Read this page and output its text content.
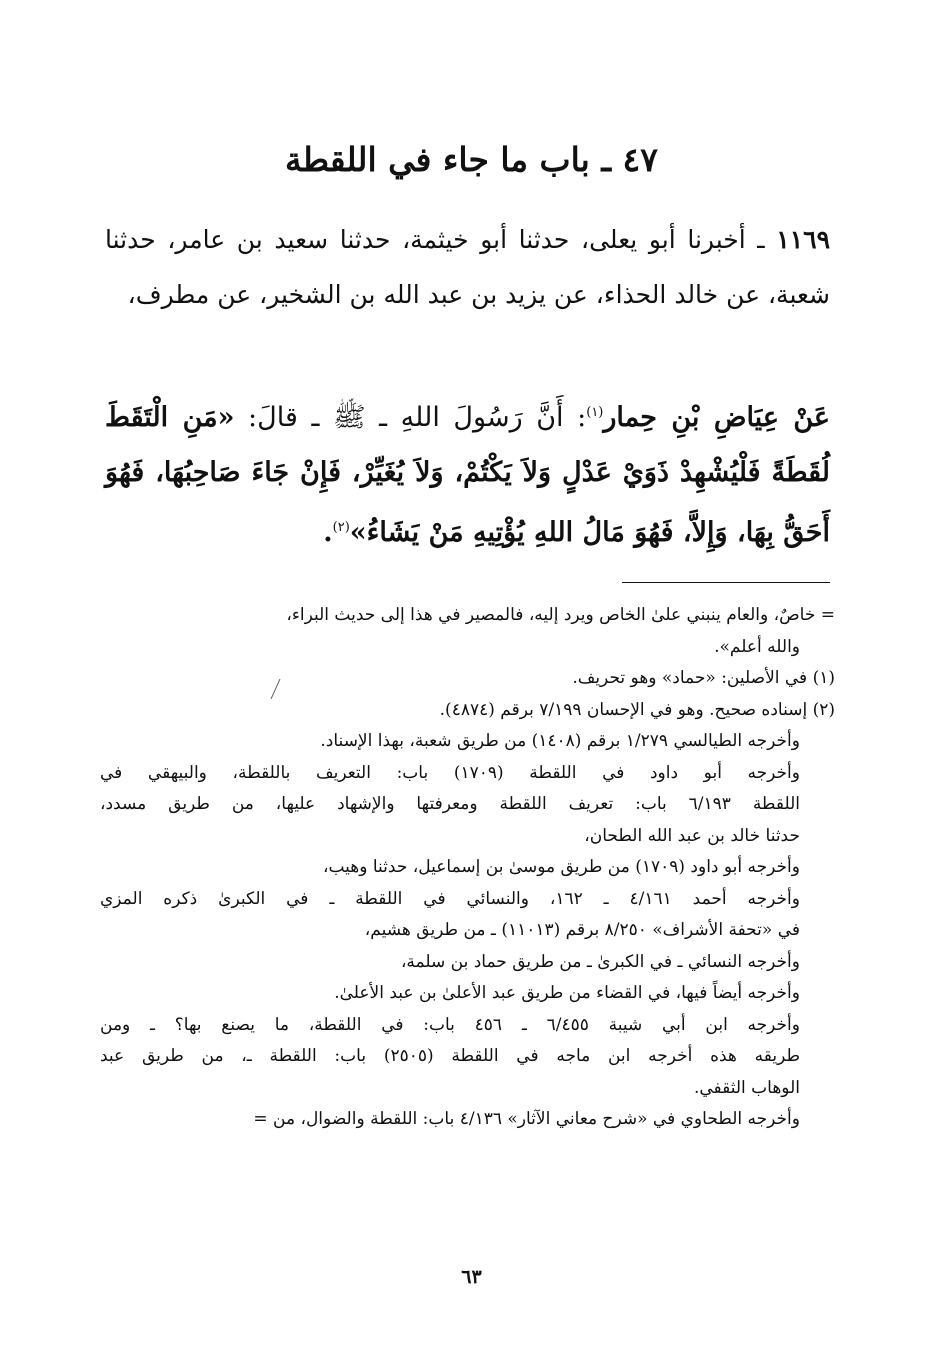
٤٧ ـ باب ما جاء في اللقطة
١١٦٩ ـ أخبرنا أبو يعلى، حدثنا أبو خيثمة، حدثنا سعيد بن عامر، حدثنا شعبة، عن خالد الحذاء، عن يزيد بن عبد الله بن الشخير، عن مطرف،
عَنْ عِيَاضِ بْنِ حِمار$^{(١)}$: أَنَّ رَسُولَ اللهِ ـ ﷺ ـ قالَ: «مَنِ الْتَقَطَ لُقَطَةً فَلْيُشْهِدْ ذَوَيْ عَدْلٍ وَلاَ يَكْتُمْ، وَلاَ يُغَيِّرْ، فَإِنْ جَاءَ صَاحِبُهَا، فَهُوَ أَحَقُّ بِهَا، وَإِلاَّ، فَهُوَ مَالُ اللهِ يُؤْتِيهِ مَنْ يَشَاءُ»$^{(٢)}$.
= خاصٌ، والعام ينبني علىٰ الخاص ويرد إليه، فالمصير في هذا إلى حديث البراء،
والله أعلم».
(١) في الأصلين: «حماد» وهو تحريف.
(٢) إسناده صحيح. وهو في الإحسان ٧/١٩٩ برقم (٤٨٧٤).
وأخرجه الطيالسي ١/٢٧٩ برقم (١٤٠٨) من طريق شعبة، بهذا الإسناد.
وأخرجه أبو داود في اللقطة (١٧٠٩) باب: التعريف باللقطة، والبيهقي في
اللقطة ٦/١٩٣ باب: تعريف اللقطة ومعرفتها والإشهاد عليها، من طريق مسدد،
حدثنا خالد بن عبد الله الطحان،
وأخرجه أبو داود (١٧٠٩) من طريق موسىٰ بن إسماعيل، حدثنا وهيب،
وأخرجه أحمد ٤/١٦١ ـ ١٦٢، والنسائي في اللقطة ـ في الكبرىٰ ذكره المزي
في «تحفة الأشراف» ٨/٢٥٠ برقم (١١٠١٣) ـ من طريق هشيم،
وأخرجه النسائي ـ في الكبرىٰ ـ من طريق حماد بن سلمة،
وأخرجه أيضاً فيها، في القضاء من طريق عبد الأعلىٰ بن عبد الأعلىٰ.
وأخرجه ابن أبي شيبة ٦/٤٥٥ ـ ٤٥٦ باب: في اللقطة، ما يصنع بها؟ ـ ومن
طريقه هذه أخرجه ابن ماجه في اللقطة (٢٥٠٥) باب: اللقطة ـ، من طريق عبد
الوهاب الثقفي.
وأخرجه الطحاوي في «شرح معاني الآثار» ٤/١٣٦ باب: اللقطة والضوال، من =
٦٣
